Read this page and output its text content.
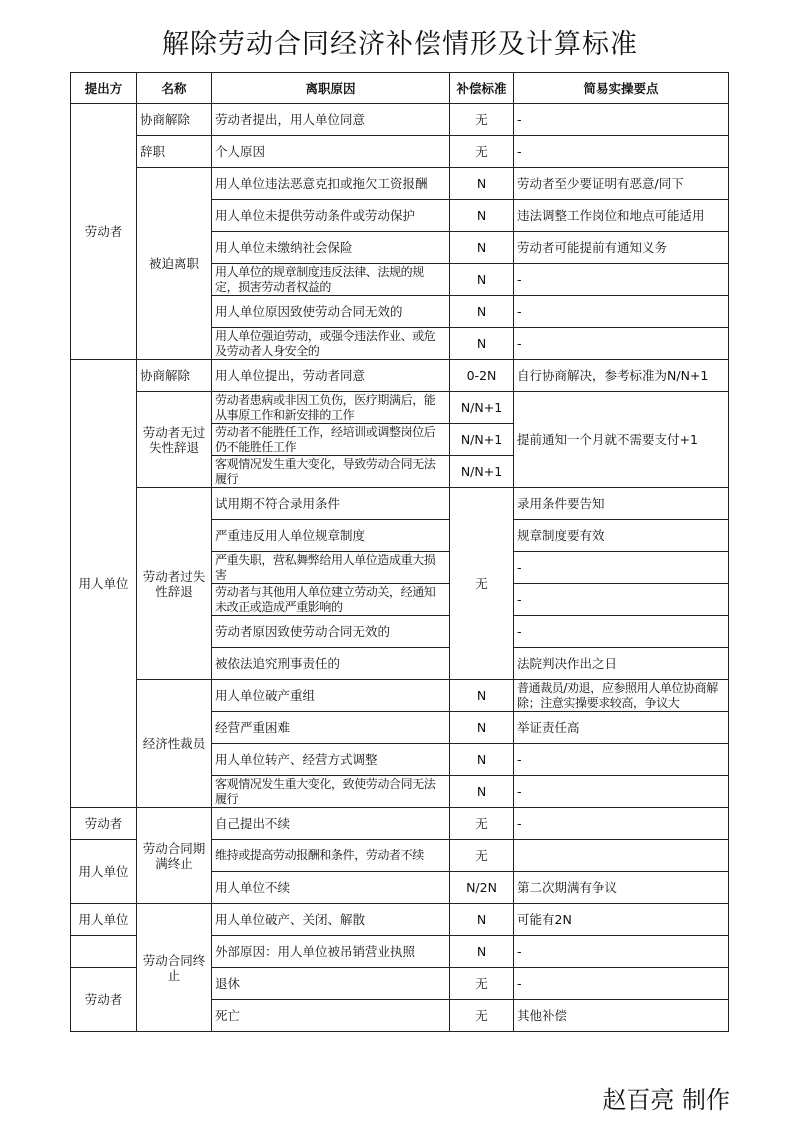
解除劳动合同经济补偿情形及计算标准
提出方	名称	离职原因	补偿标准	简易实操要点
劳动者	协商解除	劳动者提出，用人单位同意	无	-
	辞职	个人原因	无	-
	被迫离职	用人单位违法恶意克扣或拖欠工资报酬	N	劳动者至少要证明有恶意/同下
		用人单位未提供劳动条件或劳动保护	N	违法调整工作岗位和地点可能适用
		用人单位未缴纳社会保险	N	劳动者可能提前有通知义务
		用人单位的规章制度违反法律、法规的规定，损害劳动者权益的	N	-
		用人单位原因致使劳动合同无效的	N	-
		用人单位强迫劳动，或强令违法作业、或危及劳动者人身安全的	N	-
用人单位	协商解除	用人单位提出，劳动者同意	0-2N	自行协商解决，参考标准为N/N+1
	劳动者无过失性辞退	劳动者患病或非因工负伤，医疗期满后，能从事原工作和新安排的工作	N/N+1	提前通知一个月就不需要支付+1
		劳动者不能胜任工作，经培训或调整岗位后仍不能胜任工作	N/N+1	
		客观情况发生重大变化，导致劳动合同无法履行	N/N+1	
	劳动者过失性辞退	试用期不符合录用条件	无	录用条件要告知
		严重违反用人单位规章制度		规章制度要有效
		严重失职，营私舞弊给用人单位造成重大损害		-
		劳动者与其他用人单位建立劳动关，经通知未改正或造成严重影响的		-
		劳动者原因致使劳动合同无效的		-
		被依法追究刑事责任的		法院判决作出之日
	经济性裁员	用人单位破产重组	N	普通裁员/劝退，应参照用人单位协商解除；注意实操要求较高，争议大
		经营严重困难	N	举证责任高
		用人单位转产、经营方式调整	N	-
		客观情况发生重大变化，致使劳动合同无法履行	N	-
劳动者	劳动合同期满终止	自己提出不续	无	-
用人单位		维持或提高劳动报酬和条件，劳动者不续	无	
		用人单位不续	N/2N	第二次期满有争议
用人单位	劳动合同终止	用人单位破产、关闭、解散	N	可能有2N
		外部原因：用人单位被吊销营业执照	N	-
劳动者		退休	无	-
		死亡	无	其他补偿
赵百亮 制作
